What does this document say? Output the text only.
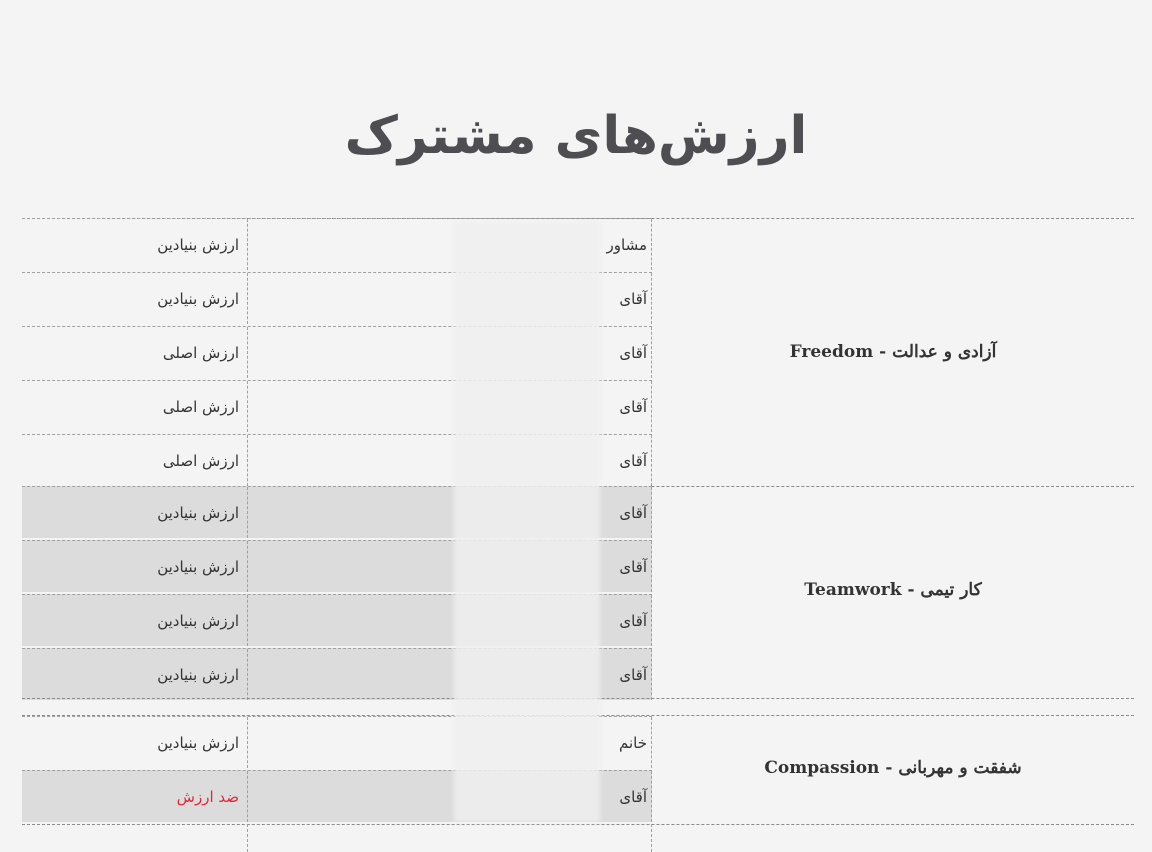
ارزش‌های مشترک
آزادی و عدالت - Freedom
ارزش بنیادین	مشاور
ارزش بنیادین	آقای
ارزش اصلی	آقای
ارزش اصلی	آقای
ارزش اصلی	آقای
کار تیمی - Teamwork
ارزش بنیادین	آقای
ارزش بنیادین	آقای
ارزش بنیادین	آقای
ارزش بنیادین	آقای
شفقت و مهربانی - Compassion
ارزش بنیادین	خانم
ضد ارزش	آقای
